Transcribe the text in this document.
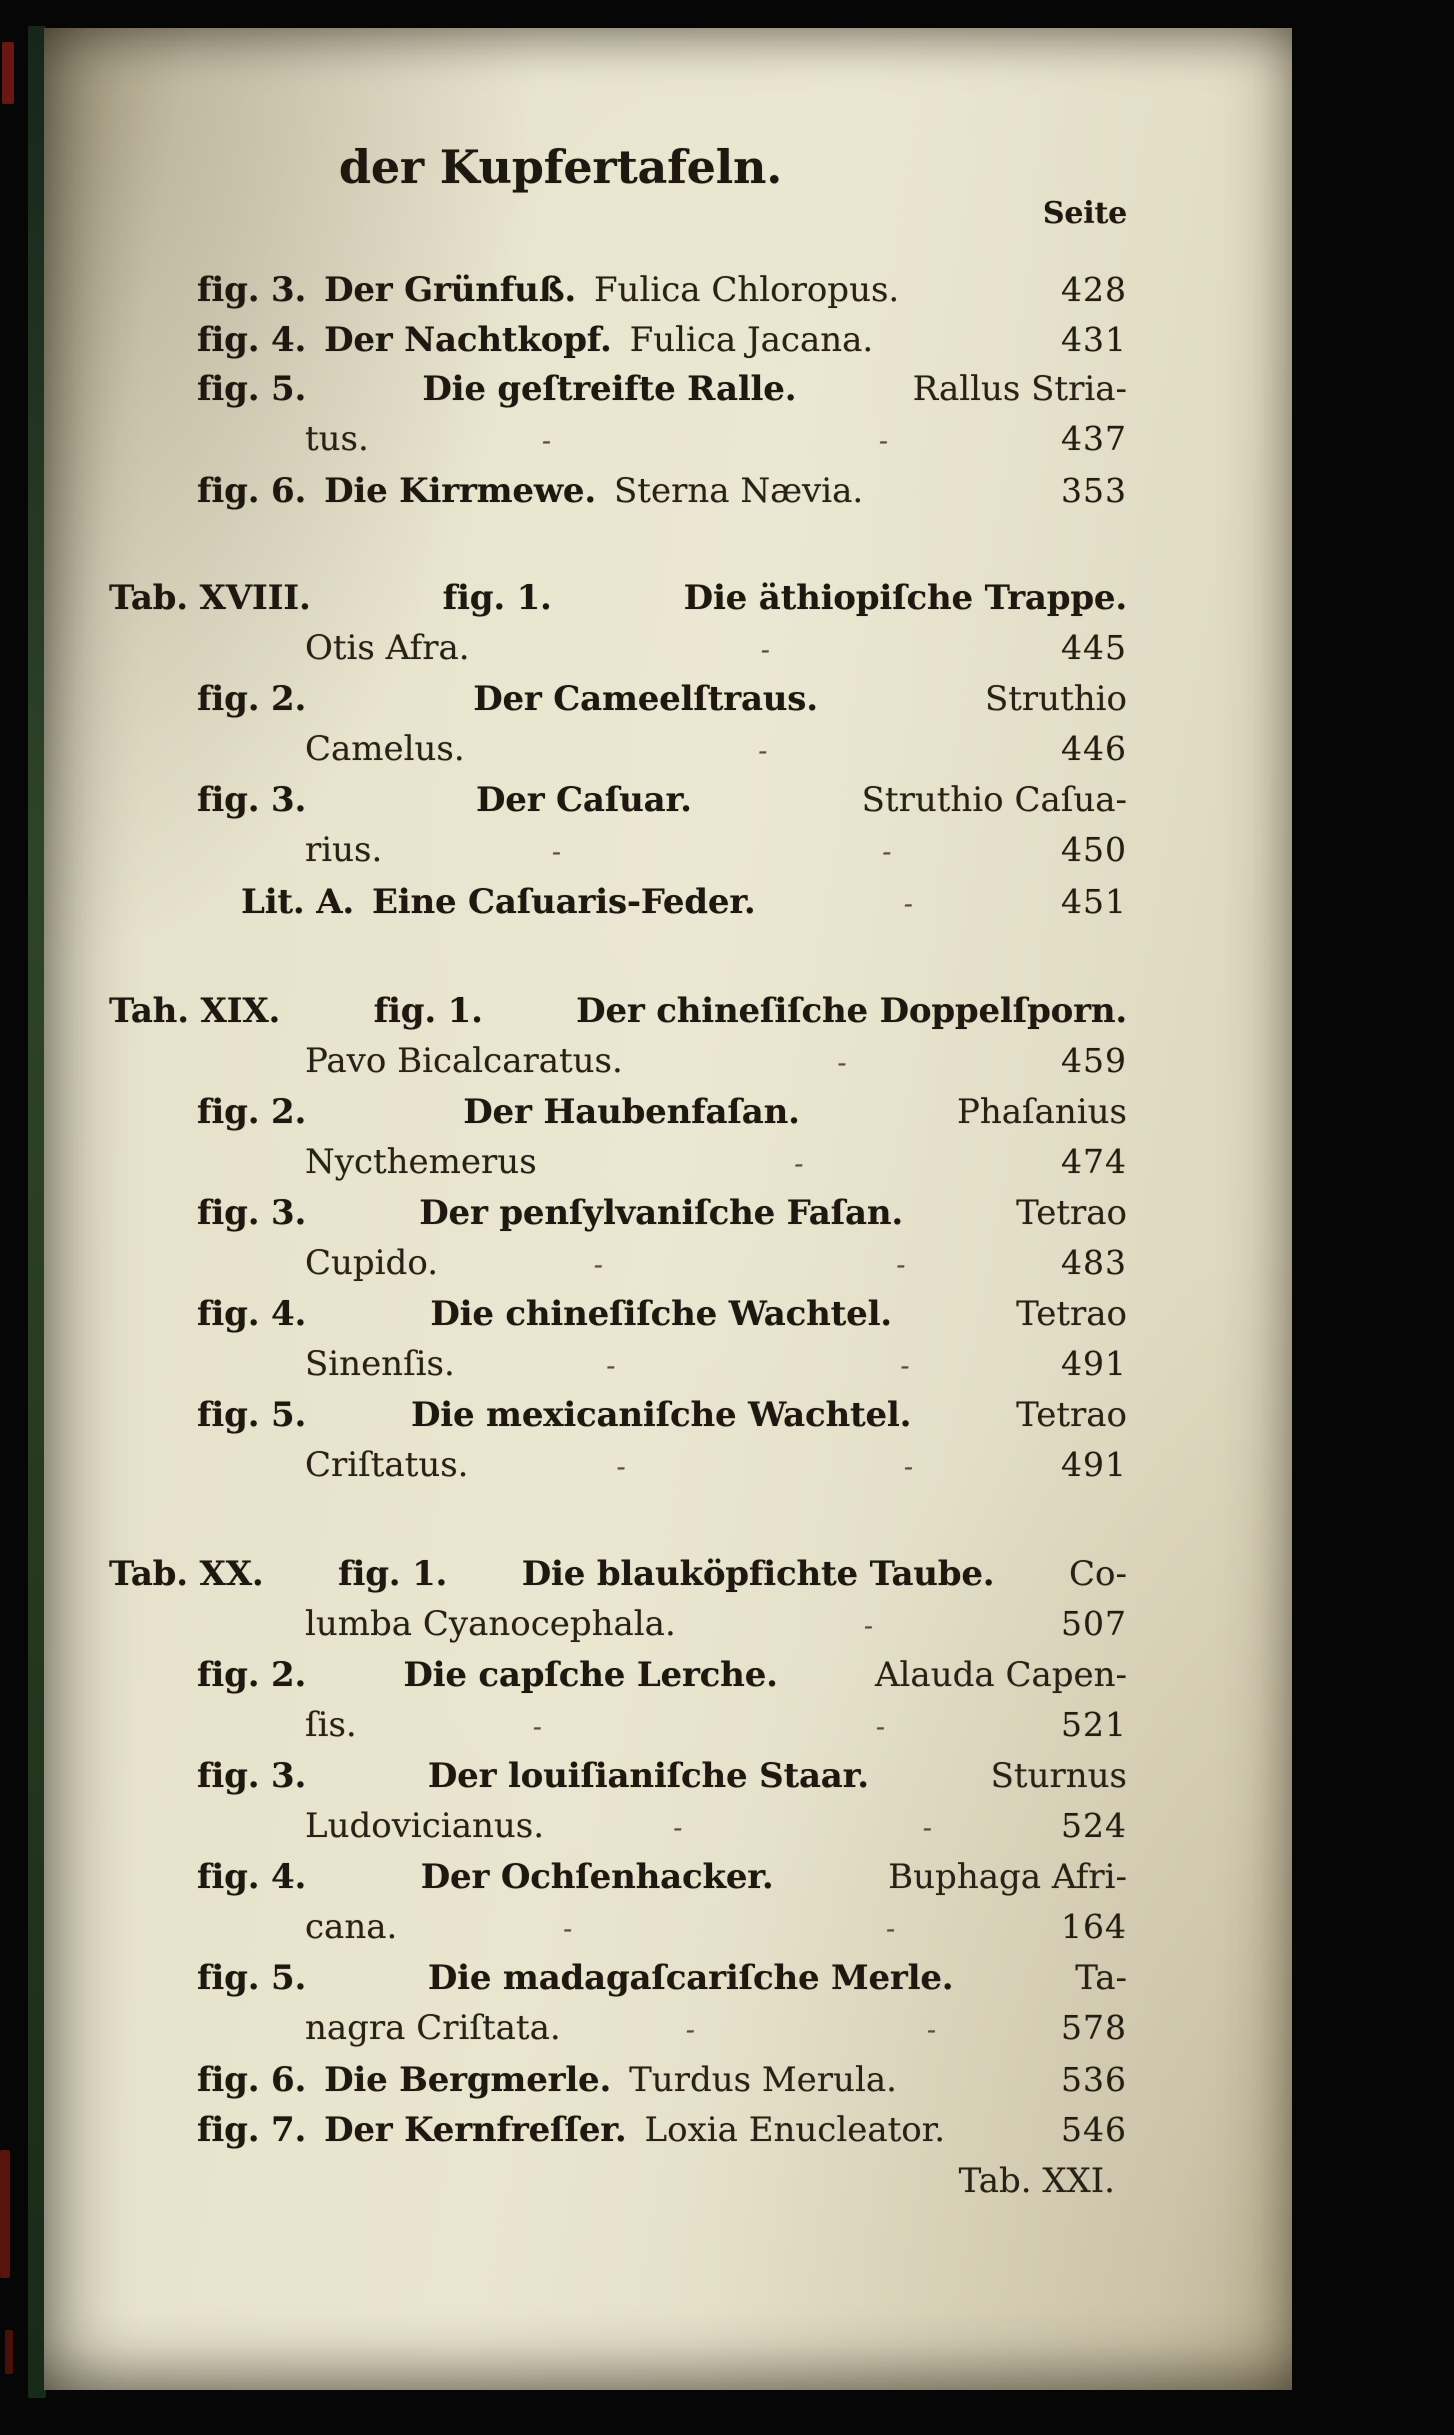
der Kupfertafeln.
Seite
fig. 3. Der Grünfuß. Fulica Chloropus.	428
fig. 4. Der Nachtkopf. Fulica Jacana.	431
fig. 5.	Die geſtreifte Ralle.	Rallus Stria-
tus.	-	-	437
fig. 6. Die Kirrmewe. Sterna Nævia.	353
Tab. XVIII.	fig. 1.	Die äthiopiſche Trappe.
Otis Afra.	-	445
fig. 2.	Der Cameelſtraus.	Struthio
Camelus.	-	446
fig. 3.	Der Caſuar.	Struthio Caſua-
rius.	-	-	450
Lit. A. Eine Caſuaris-Feder.	-	451
Tah. XIX.	fig. 1.	Der chineſiſche Doppelſporn.
Pavo Bicalcaratus.	-	459
fig. 2.	Der Haubenfaſan.	Phaſanius
Nycthemerus	-	474
fig. 3.	Der penſylvaniſche Faſan.	Tetrao
Cupido.	-	-	483
fig. 4.	Die chineſiſche Wachtel.	Tetrao
Sinenſis.	-	-	491
fig. 5.	Die mexicaniſche Wachtel.	Tetrao
Criſtatus.	-	-	491
Tab. XX. fig. 1. Die blauköpfichte Taube. Co-
lumba Cyanocephala.	-	507
fig. 2.	Die capſche Lerche.	Alauda Capen-
ſis.	-	-	521
fig. 3.	Der louiſianiſche Staar.	Sturnus
Ludovicianus.	-	-	524
fig. 4.	Der Ochſenhacker.	Buphaga Afri-
cana.	-	-	164
fig. 5.	Die madagaſcariſche Merle.	Ta-
nagra Criſtata.	-	-	578
fig. 6. Die Bergmerle. Turdus Merula.	536
fig. 7. Der Kernfreſſer. Loxia Enucleator.	546
Tab. XXI.
